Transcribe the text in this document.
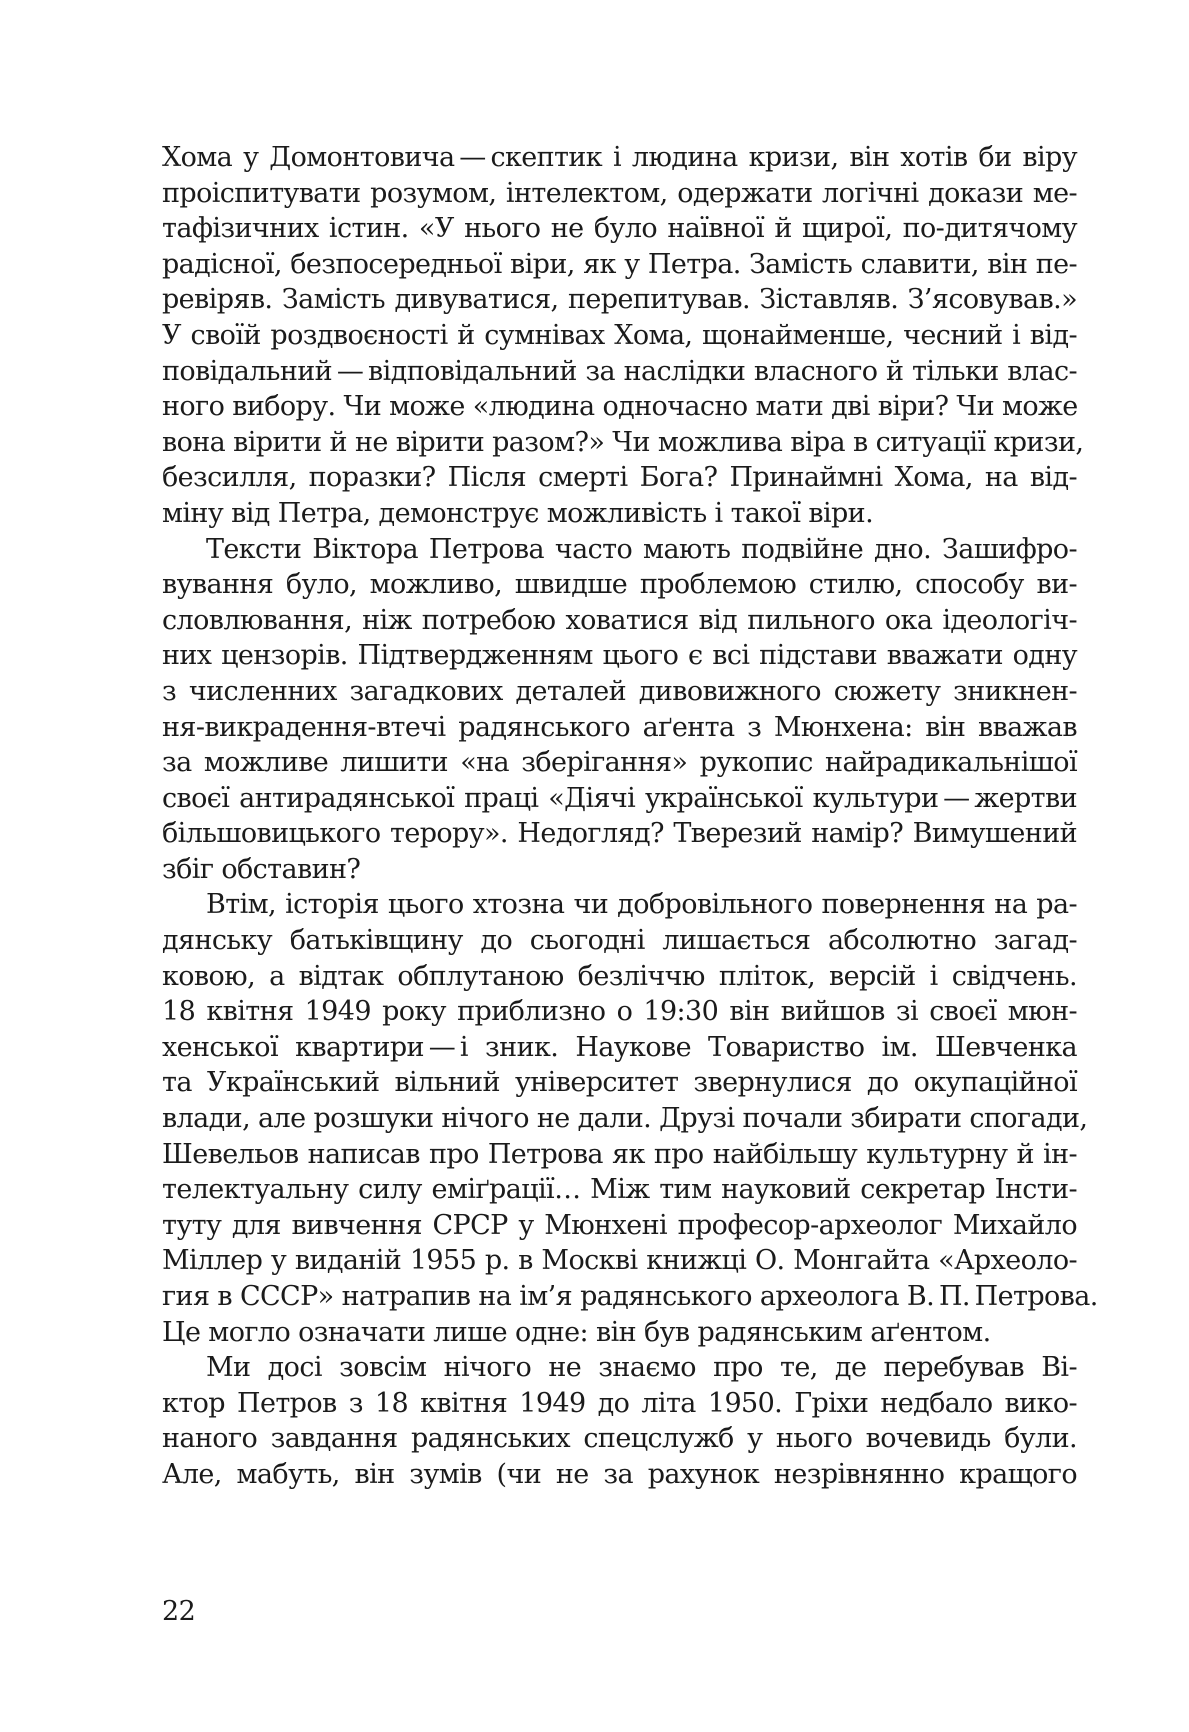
Хома у Домонтовича — скептик і людина кризи, він хотів би віру
проіспитувати розумом, інтелектом, одержати логічні докази ме-
тафізичних істин. «У нього не було наївної й щирої, по-дитячому
радісної, безпосередньої віри, як у Петра. Замість славити, він пе-
ревіряв. Замість дивуватися, перепитував. Зіставляв. З’ясовував.»
У своїй роздвоєності й сумнівах Хома, щонайменше, чесний і від-
повідальний — відповідальний за наслідки власного й тільки влас-
ного вибору. Чи може «людина одночасно мати дві віри? Чи може
вона вірити й не вірити разом?» Чи можлива віра в ситуації кризи,
безсилля, поразки? Після смерті Бога? Принаймні Хома, на від-
міну від Петра, демонструє можливість і такої віри.
Тексти Віктора Петрова часто мають подвійне дно. Зашифро-
вування було, можливо, швидше проблемою стилю, способу ви-
словлювання, ніж потребою ховатися від пильного ока ідеологіч-
них цензорів. Підтвердженням цього є всі підстави вважати одну
з численних загадкових деталей дивовижного сюжету зникнен-
ня-викрадення-втечі радянського аґента з Мюнхена: він вважав
за можливе лишити «на зберігання» рукопис найрадикальнішої
своєї антирадянської праці «Діячі української культури — жертви
більшовицького терору». Недогляд? Тверезий намір? Вимушений
збіг обставин?
Втім, історія цього хтозна чи добровільного повернення на ра-
дянську батьківщину до сьогодні лишається абсолютно загад-
ковою, а відтак обплутаною безліччю пліток, версій і свідчень.
18 квітня 1949 року приблизно о 19:30 він вийшов зі своєї мюн-
хенської квартири — і зник. Наукове Товариство ім. Шевченка
та Український вільний університет звернулися до окупаційної
влади, але розшуки нічого не дали. Друзі почали збирати спогади,
Шевельов написав про Петрова як про найбільшу культурну й ін-
телектуальну силу еміґрації… Між тим науковий секретар Інсти-
туту для вивчення СРСР у Мюнхені професор-археолог Михайло
Міллер у виданій 1955 р. в Москві книжці О. Монгайта «Археоло-
гия в СССР» натрапив на ім’я радянського археолога В. П. Петрова.
Це могло означати лише одне: він був радянським аґентом.
Ми досі зовсім нічого не знаємо про те, де перебував Ві-
ктор Петров з 18 квітня 1949 до літа 1950. Гріхи недбало вико-
наного завдання радянських спецслужб у нього вочевидь були.
Але, мабуть, він зумів (чи не за рахунок незрівнянно кращого
22
